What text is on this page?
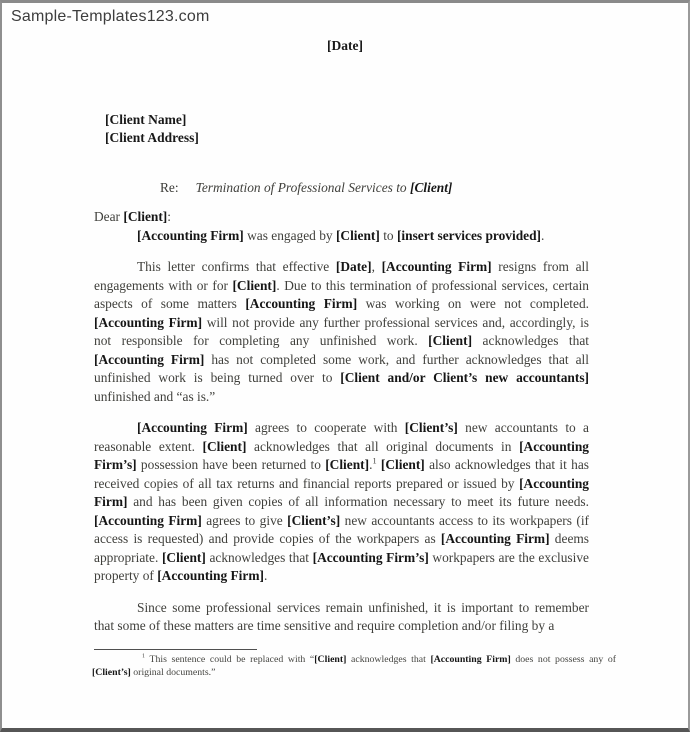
Sample-Templates123.com
[Date]
[Client Name]
[Client Address]
Re: Termination of Professional Services to [Client]
Dear [Client]:

[Accounting Firm] was engaged by [Client] to [insert services provided].

This letter confirms that effective [Date], [Accounting Firm] resigns from all engagements with or for [Client]. Due to this termination of professional services, certain aspects of some matters [Accounting Firm] was working on were not completed. [Accounting Firm] will not provide any further professional services and, accordingly, is not responsible for completing any unfinished work. [Client] acknowledges that [Accounting Firm] has not completed some work, and further acknowledges that all unfinished work is being turned over to [Client and/or Client’s new accountants] unfinished and “as is.”

[Accounting Firm] agrees to cooperate with [Client’s] new accountants to a reasonable extent. [Client] acknowledges that all original documents in [Accounting Firm’s] possession have been returned to [Client].$^1$ [Client] also acknowledges that it has received copies of all tax returns and financial reports prepared or issued by [Accounting Firm] and has been given copies of all information necessary to meet its future needs. [Accounting Firm] agrees to give [Client’s] new accountants access to its workpapers (if access is requested) and provide copies of the workpapers as [Accounting Firm] deems appropriate. [Client] acknowledges that [Accounting Firm’s] workpapers are the exclusive property of [Accounting Firm].

Since some professional services remain unfinished, it is important to remember that some of these matters are time sensitive and require completion and/or filing by a

$^1$ This sentence could be replaced with “[Client] acknowledges that [Accounting Firm] does not possess any of [Client’s] original documents.”
